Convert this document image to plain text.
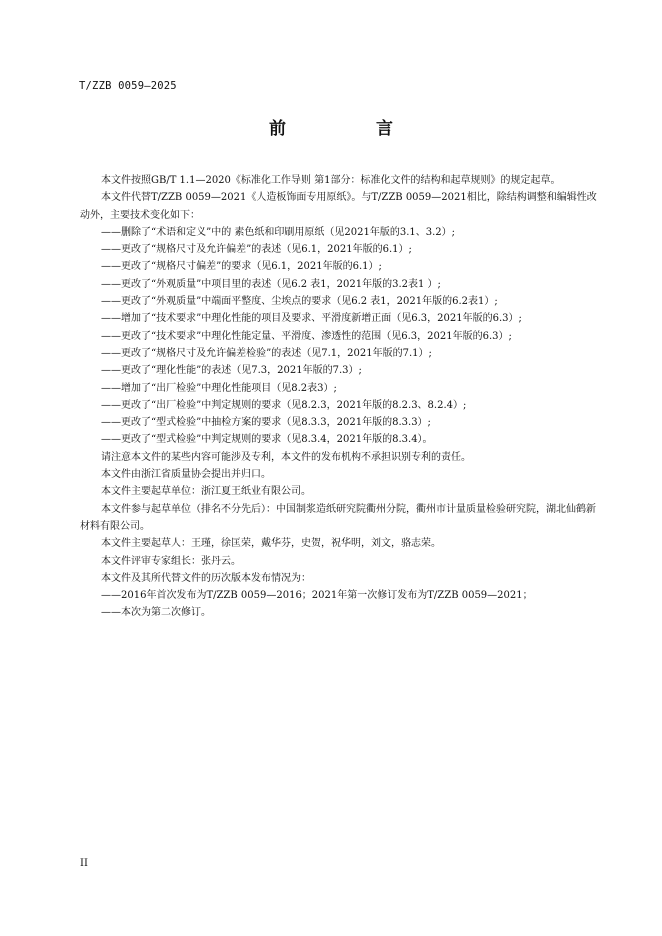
T/ZZB 0059—2025
前 言

本文件按照GB/T 1.1—2020《标准化工作导则 第1部分：标准化文件的结构和起草规则》的规定起草。

本文件代替T/ZZB 0059—2021《人造板饰面专用原纸》。与T/ZZB 0059—2021相比，除结构调整和编辑性改动外，主要技术变化如下：

——删除了“术语和定义”中的 素色纸和印刷用原纸（见2021年版的3.1、3.2）;

——更改了“规格尺寸及允许偏差”的表述（见6.1，2021年版的6.1）;

——更改了“规格尺寸偏差”的要求（见6.1，2021年版的6.1）;

——更改了“外观质量”中项目里的表述（见6.2 表1，2021年版的3.2表1 ）;

——更改了“外观质量”中端面平整度、尘埃点的要求（见6.2 表1，2021年版的6.2表1）;

——增加了“技术要求”中理化性能的项目及要求、平滑度新增正面（见6.3，2021年版的6.3）;

——更改了“技术要求”中理化性能定量、平滑度、渗透性的范围（见6.3，2021年版的6.3）;

——更改了“规格尺寸及允许偏差检验”的表述（见7.1，2021年版的7.1）;

——更改了“理化性能”的表述（见7.3，2021年版的7.3）;

——增加了“出厂检验”中理化性能项目（见8.2表3）;

——更改了“出厂检验”中判定规则的要求（见8.2.3，2021年版的8.2.3、8.2.4）;

——更改了“型式检验”中抽检方案的要求（见8.3.3，2021年版的8.3.3）;

——更改了“型式检验”中判定规则的要求（见8.3.4，2021年版的8.3.4）。

请注意本文件的某些内容可能涉及专利，本文件的发布机构不承担识别专利的责任。

本文件由浙江省质量协会提出并归口。

本文件主要起草单位：浙江夏王纸业有限公司。

本文件参与起草单位（排名不分先后）：中国制浆造纸研究院衢州分院，衢州市计量质量检验研究院，湖北仙鹤新材料有限公司。

本文件主要起草人：王瑾，徐匡荣，戴华芬，史贺，祝华明，刘文，骆志荣。

本文件评审专家组长：张丹云。

本文件及其所代替文件的历次版本发布情况为：

——2016年首次发布为T/ZZB 0059—2016；2021年第一次修订发布为T/ZZB 0059—2021；

——本次为第二次修订。

II
